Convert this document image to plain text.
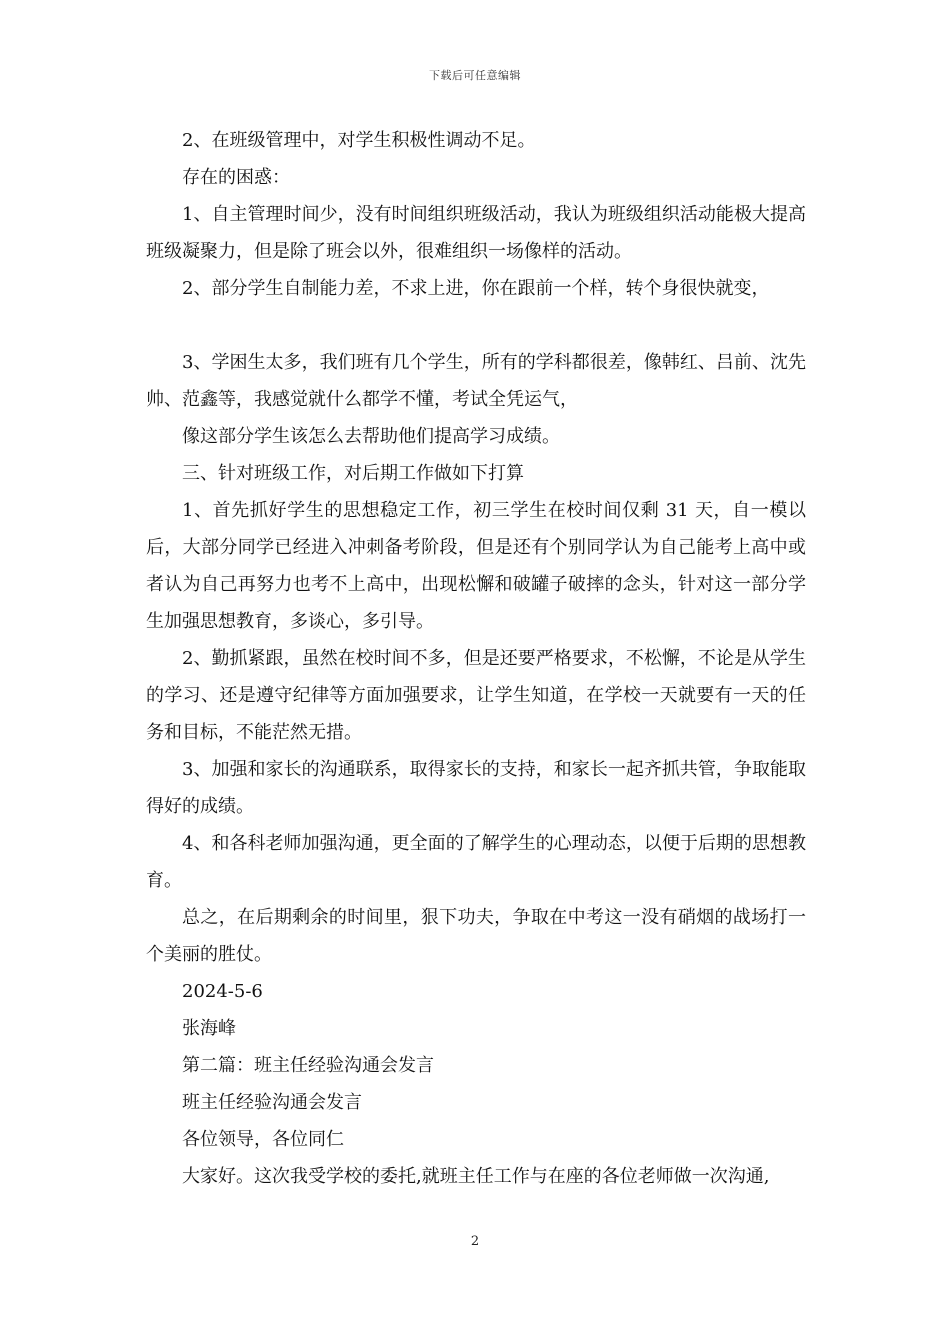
下载后可任意编辑

2、在班级管理中，对学生积极性调动不足。

存在的困惑：

1、自主管理时间少，没有时间组织班级活动，我认为班级组织活动能极大提高班级凝聚力，但是除了班会以外，很难组织一场像样的活动。

2、部分学生自制能力差，不求上进，你在跟前一个样，转个身很快就变，

3、学困生太多，我们班有几个学生，所有的学科都很差，像韩红、吕前、沈先帅、范鑫等，我感觉就什么都学不懂，考试全凭运气，

像这部分学生该怎么去帮助他们提高学习成绩。

三、针对班级工作，对后期工作做如下打算

1、首先抓好学生的思想稳定工作，初三学生在校时间仅剩 31 天，自一模以后，大部分同学已经进入冲刺备考阶段，但是还有个别同学认为自己能考上高中或者认为自己再努力也考不上高中，出现松懈和破罐子破摔的念头，针对这一部分学生加强思想教育，多谈心，多引导。

2、勤抓紧跟，虽然在校时间不多，但是还要严格要求，不松懈，不论是从学生的学习、还是遵守纪律等方面加强要求，让学生知道，在学校一天就要有一天的任务和目标，不能茫然无措。

3、加强和家长的沟通联系，取得家长的支持，和家长一起齐抓共管，争取能取得好的成绩。

4、和各科老师加强沟通，更全面的了解学生的心理动态，以便于后期的思想教育。

总之，在后期剩余的时间里，狠下功夫，争取在中考这一没有硝烟的战场打一个美丽的胜仗。

2024-5-6

张海峰

第二篇：班主任经验沟通会发言

班主任经验沟通会发言

各位领导，各位同仁

大家好。这次我受学校的委托,就班主任工作与在座的各位老师做一次沟通,

2
